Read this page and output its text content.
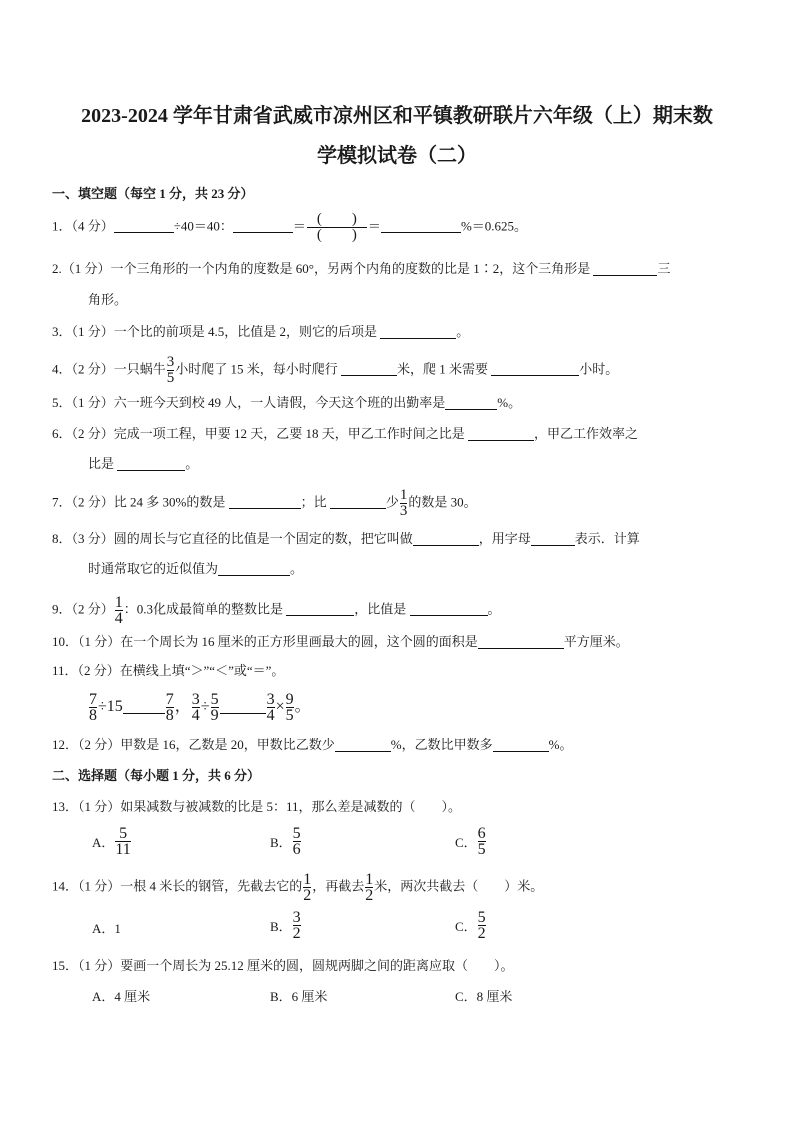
2023-2024 学年甘肃省武威市凉州区和平镇教研联片六年级（上）期末数
学模拟试卷（二）
一、填空题（每空 1 分，共 23 分）
1．（4 分）	÷40＝40：	＝ $\frac{( )}{( )}$ ＝	%＝0.625。
2.（1 分）一个三角形的一个内角的度数是 60°，另两个内角的度数的比是 1∶2，这个三角形是	三
角形。
3．（1 分）一个比的前项是 4.5，比值是 2，则它的后项是	。
4．（2 分）一只蜗牛 $\frac{3}{5}$ 小时爬了 15 米，每小时爬行	米，爬 1 米需要	小时。
5．（1 分）六一班今天到校 49 人，一人请假，今天这个班的出勤率是	%。
6．（2 分）完成一项工程，甲要 12 天，乙要 18 天，甲乙工作时间之比是	，甲乙工作效率之
比是	。
7．（2 分）比 24 多 30%的数是	；比	少 $\frac{1}{3}$ 的数是 30。
8．（3 分）圆的周长与它直径的比值是一个固定的数，把它叫做	，用字母	表示．计算
时通常取它的近似值为	。
9．（2 分） $\frac{1}{4}$ ：0.3化成最简单的整数比是	，比值是	。
10．（1 分）在一个周长为 16 厘米的正方形里画最大的圆，这个圆的面积是	平方厘米。
11．（2 分）在横线上填“＞”“＜”或“＝”。
$\frac{7}{8} \div 15$	$\frac{7}{8}$ ， $\frac{3}{4} \div \frac{5}{9}$	$\frac{3}{4} \times \frac{9}{5}$ 。
12．（2 分）甲数是 16，乙数是 20，甲数比乙数少	%，乙数比甲数多	%。
二、选择题（每小题 1 分，共 6 分）
13．（1 分）如果减数与被减数的比是 5：11，那么差是减数的（　　）。
A． $\frac{5}{11}$	B． $\frac{5}{6}$	C． $\frac{6}{5}$
14．（1 分）一根 4 米长的钢管，先截去它的 $\frac{1}{2}$ ，再截去 $\frac{1}{2}$ 米，两次共截去（　　）米。
A．1	B． $\frac{3}{2}$	C． $\frac{5}{2}$
15．（1 分）要画一个周长为 25.12 厘米的圆，圆规两脚之间的距离应取（　　）。
A．4 厘米	B．6 厘米	C．8 厘米
